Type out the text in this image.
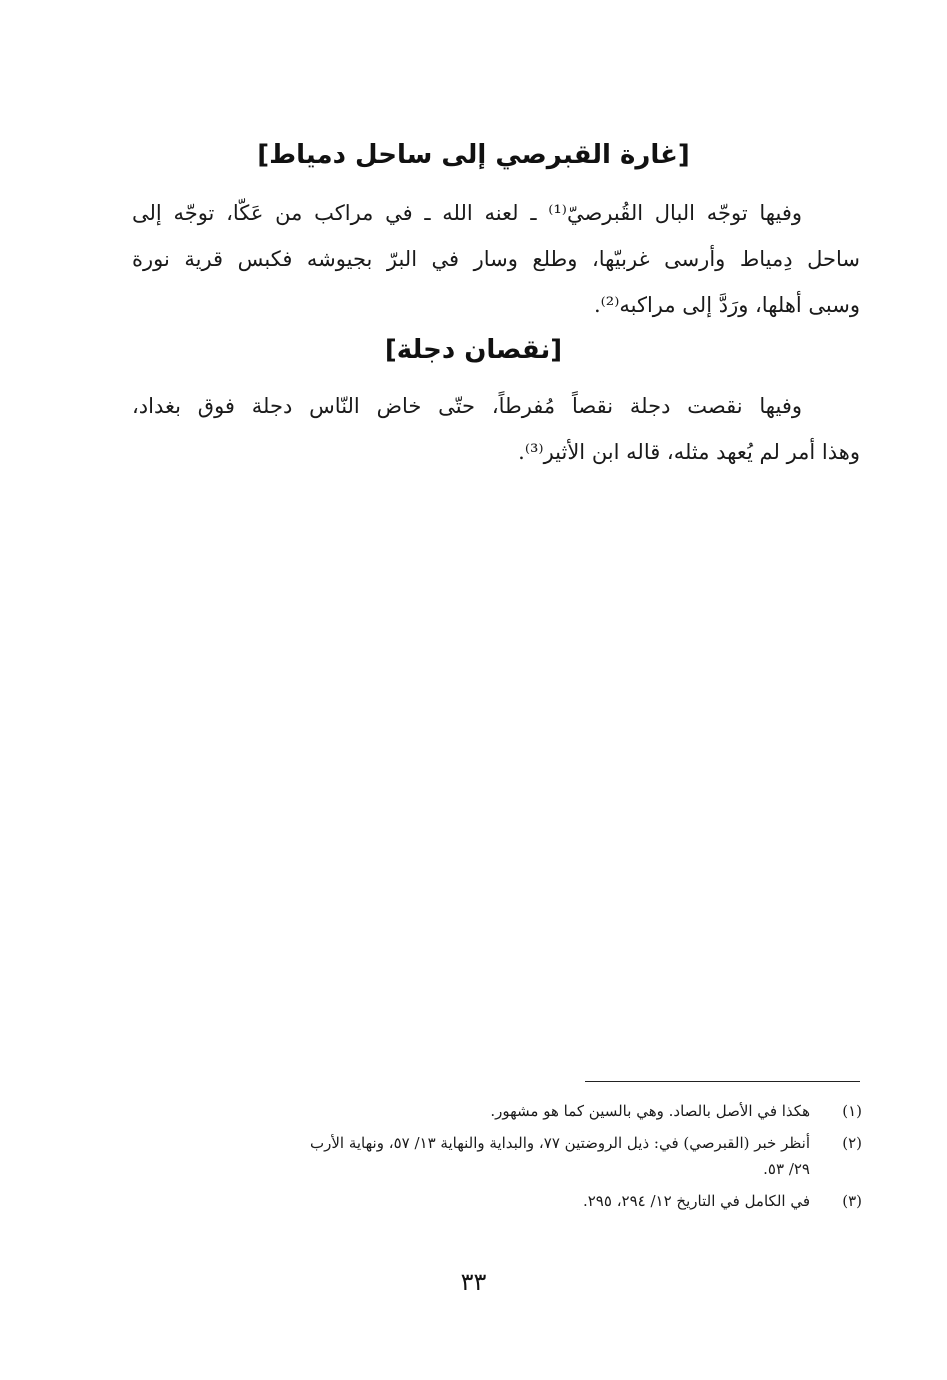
[غارة القبرصي إلى ساحل دمياط]
وفيها توجّه البال القُبرصيّ⁽¹⁾ ـ لعنه الله ـ في مراكب من عَكّا، توجّه إلى
ساحل دِمياط وأرسى غربيّها، وطلع وسار في البرّ بجيوشه فكبس قرية نورة
وسبى أهلها، ورَدَّ إلى مراكبه⁽²⁾.
[نقصان دجلة]
وفيها نقصت دجلة نقصاً مُفرطاً، حتّى خاض النّاس دجلة فوق بغداد،
وهذا أمر لم يُعهد مثله، قاله ابن الأثير⁽³⁾.
(١)
هكذا في الأصل بالصاد. وهي بالسين كما هو مشهور.
(٢)
أنظر خبر (القبرصي) في: ذيل الروضتين ٧٧، والبداية والنهاية ١٣/ ٥٧، ونهاية الأرب
٢٩/ ٥٣.
(٣)
في الكامل في التاريخ ١٢/ ٢٩٤، ٢٩٥.
٣٣
